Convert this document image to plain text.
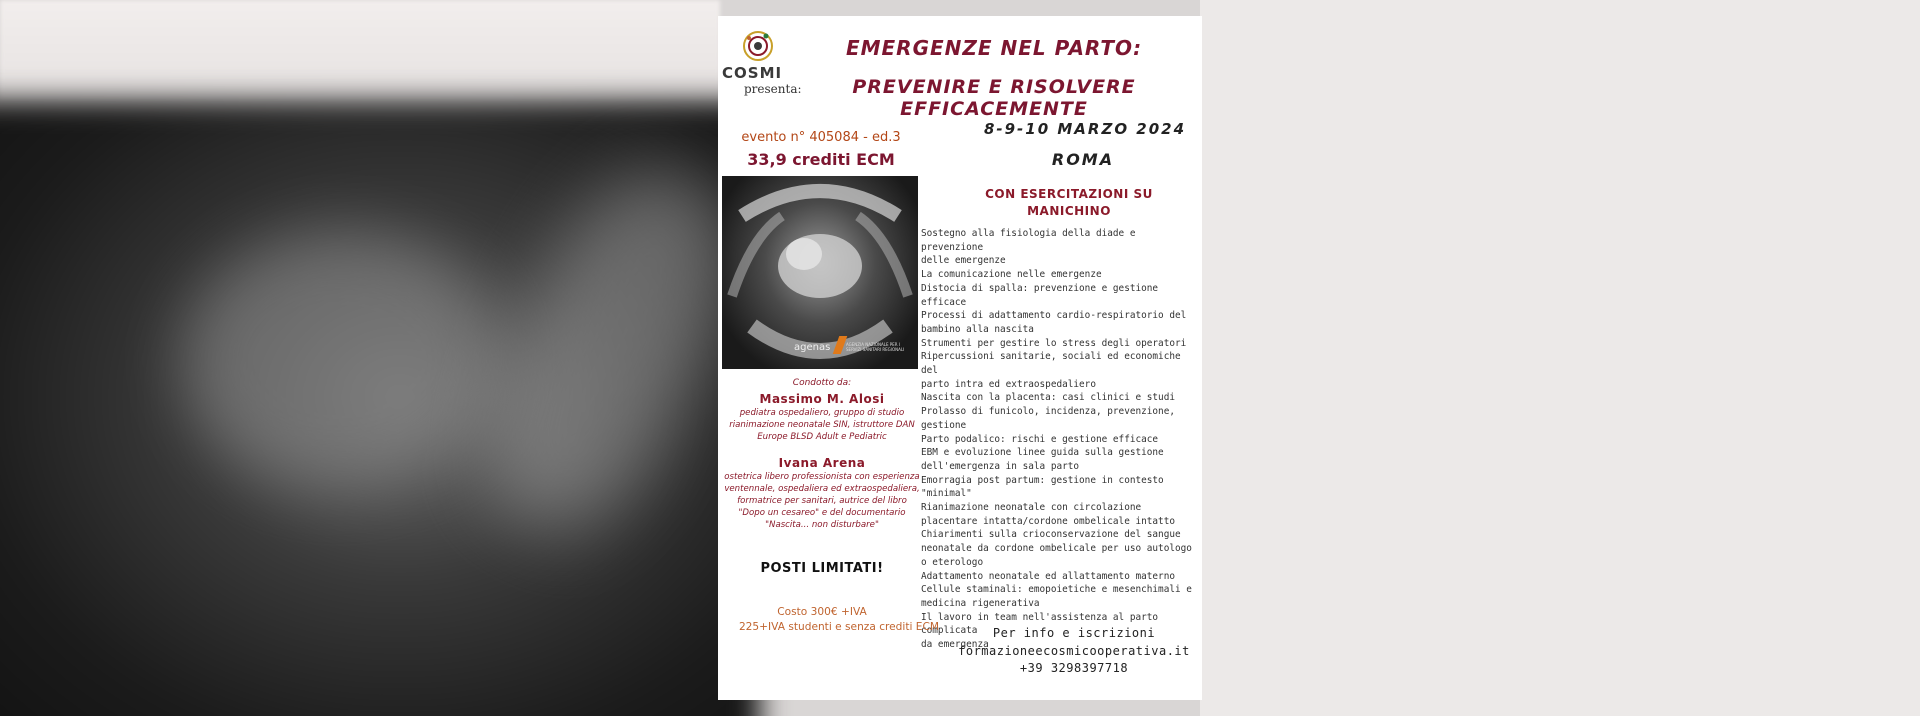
COSMI
presenta:
EMERGENZE NEL PARTO:
PREVENIRE E RISOLVERE EFFICACEMENTE
8-9-10 MARZO 2024
ROMA
evento n° 405084 - ed.3
33,9 crediti ECM
agenas	AGENZIA NAZIONALE PER I SERVIZI SANITARI REGIONALI
CON ESERCITAZIONI SU
MANICHINO
Sostegno alla fisiologia della diade e prevenzione
delle emergenze
La comunicazione nelle emergenze
Distocia di spalla: prevenzione e gestione efficace
Processi di adattamento cardio-respiratorio del
bambino alla nascita
Strumenti per gestire lo stress degli operatori
Ripercussioni sanitarie, sociali ed economiche del
parto intra ed extraospedaliero
Nascita con la placenta: casi clinici e studi
Prolasso di funicolo, incidenza, prevenzione,
gestione
Parto podalico: rischi e gestione efficace
EBM e evoluzione linee guida sulla gestione
dell'emergenza in sala parto
Emorragia post partum: gestione in contesto
"minimal"
Rianimazione neonatale con circolazione
placentare intatta/cordone ombelicale intatto
Chiarimenti sulla crioconservazione del sangue
neonatale da cordone ombelicale per uso autologo
o eterologo
Adattamento neonatale ed allattamento materno
Cellule staminali: emopoietiche e mesenchimali e
medicina rigenerativa
Il lavoro in team nell'assistenza al parto complicata
da emergenza
Condotto da:
Massimo M. Alosi
pediatra ospedaliero, gruppo di studio rianimazione neonatale SIN, istruttore DAN Europe BLSD Adult e Pediatric
Ivana Arena
ostetrica libero professionista con esperienza ventennale, ospedaliera ed extraospedaliera, formatrice per sanitari, autrice del libro "Dopo un cesareo" e del documentario "Nascita... non disturbare"
POSTI LIMITATI!
Costo 300€ +IVA
225+IVA studenti e senza crediti ECM	Per info e iscrizioni
formazioneecosmicooperativa.it
+39 3298397718
